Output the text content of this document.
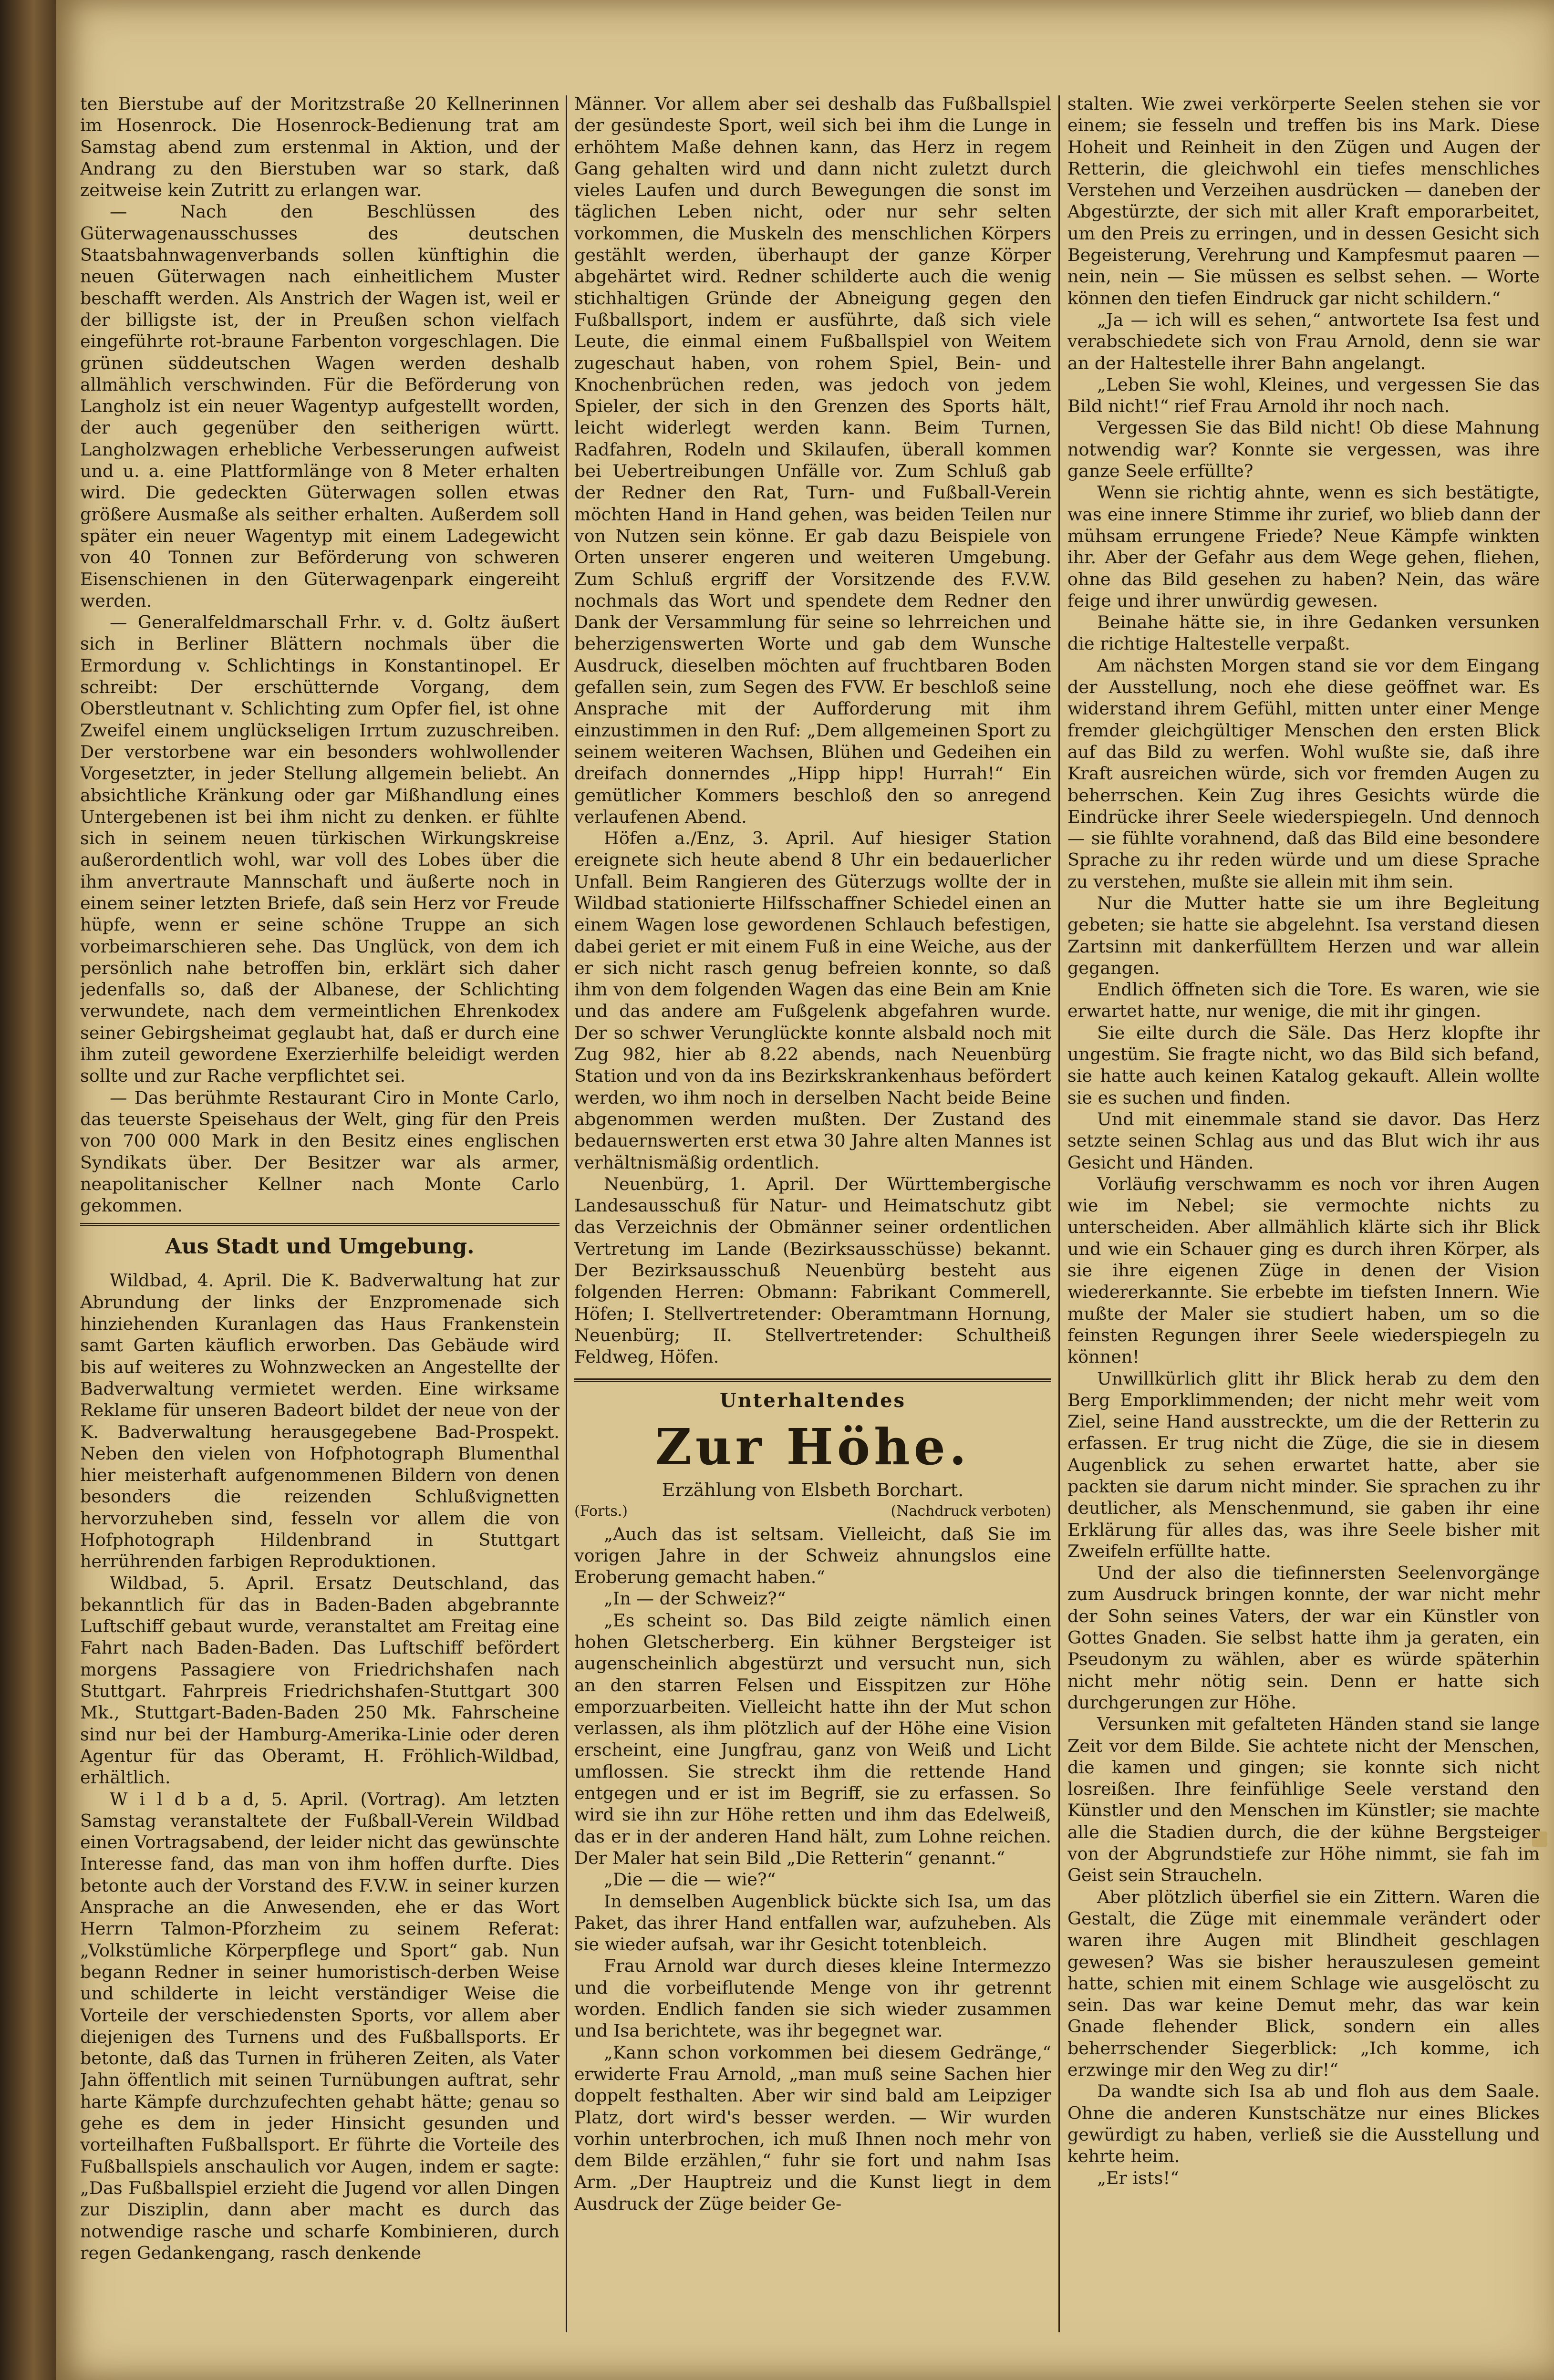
ten Bierstube auf der Moritzstraße 20 Kellnerinnen im Hosenrock. Die Hosenrock-Bedienung trat am Samstag abend zum erstenmal in Aktion, und der Andrang zu den Bierstuben war so stark, daß zeitweise kein Zutritt zu erlangen war.

— Nach den Beschlüssen des Güterwagenausschusses des deutschen Staatsbahnwagenverbands sollen künftighin die neuen Güterwagen nach einheitlichem Muster beschafft werden. Als Anstrich der Wagen ist, weil er der billigste ist, der in Preußen schon vielfach eingeführte rot-braune Farbenton vorgeschlagen. Die grünen süddeutschen Wagen werden deshalb allmählich verschwinden. Für die Beförderung von Langholz ist ein neuer Wagentyp aufgestellt worden, der auch gegenüber den seitherigen württ. Langholzwagen erhebliche Verbesserungen aufweist und u. a. eine Plattformlänge von 8 Meter erhalten wird. Die gedeckten Güterwagen sollen etwas größere Ausmaße als seither erhalten. Außerdem soll später ein neuer Wagentyp mit einem Ladegewicht von 40 Tonnen zur Beförderung von schweren Eisenschienen in den Güterwagenpark eingereiht werden.

— Generalfeldmarschall Frhr. v. d. Goltz äußert sich in Berliner Blättern nochmals über die Ermordung v. Schlichtings in Konstantinopel. Er schreibt: Der erschütternde Vorgang, dem Oberstleutnant v. Schlichting zum Opfer fiel, ist ohne Zweifel einem unglückseligen Irrtum zuzuschreiben. Der verstorbene war ein besonders wohlwollender Vorgesetzter, in jeder Stellung allgemein beliebt. An absichtliche Kränkung oder gar Mißhandlung eines Untergebenen ist bei ihm nicht zu denken. er fühlte sich in seinem neuen türkischen Wirkungskreise außerordentlich wohl, war voll des Lobes über die ihm anvertraute Mannschaft und äußerte noch in einem seiner letzten Briefe, daß sein Herz vor Freude hüpfe, wenn er seine schöne Truppe an sich vorbeimarschieren sehe. Das Unglück, von dem ich persönlich nahe betroffen bin, erklärt sich daher jedenfalls so, daß der Albanese, der Schlichting verwundete, nach dem vermeintlichen Ehrenkodex seiner Gebirgsheimat geglaubt hat, daß er durch eine ihm zuteil gewordene Exerzierhilfe beleidigt werden sollte und zur Rache verpflichtet sei.

— Das berühmte Restaurant Ciro in Monte Carlo, das teuerste Speisehaus der Welt, ging für den Preis von 700 000 Mark in den Besitz eines englischen Syndikats über. Der Besitzer war als armer, neapolitanischer Kellner nach Monte Carlo gekommen.

Aus Stadt und Umgebung.

Wildbad, 4. April. Die K. Badverwaltung hat zur Abrundung der links der Enzpromenade sich hinziehenden Kuranlagen das Haus Frankenstein samt Garten käuflich erworben. Das Gebäude wird bis auf weiteres zu Wohnzwecken an Angestellte der Badverwaltung vermietet werden. Eine wirksame Reklame für unseren Badeort bildet der neue von der K. Badverwaltung herausgegebene Bad-Prospekt. Neben den vielen von Hofphotograph Blumenthal hier meisterhaft aufgenommenen Bildern von denen besonders die reizenden Schlußvignetten hervorzuheben sind, fesseln vor allem die von Hofphotograph Hildenbrand in Stuttgart herrührenden farbigen Reproduktionen.

Wildbad, 5. April. Ersatz Deutschland, das bekanntlich für das in Baden-Baden abgebrannte Luftschiff gebaut wurde, veranstaltet am Freitag eine Fahrt nach Baden-Baden. Das Luftschiff befördert morgens Passagiere von Friedrichshafen nach Stuttgart. Fahrpreis Friedrichshafen-Stuttgart 300 Mk., Stuttgart-Baden-Baden 250 Mk. Fahrscheine sind nur bei der Hamburg-Amerika-Linie oder deren Agentur für das Oberamt, H. Fröhlich-Wildbad, erhältlich.

W i l d b a d, 5. April. (Vortrag). Am letzten Samstag veranstaltete der Fußball-Verein Wildbad einen Vortragsabend, der leider nicht das gewünschte Interesse fand, das man von ihm hoffen durfte. Dies betonte auch der Vorstand des F.V.W. in seiner kurzen Ansprache an die Anwesenden, ehe er das Wort Herrn Talmon-Pforzheim zu seinem Referat: „Volkstümliche Körperpflege und Sport“ gab. Nun begann Redner in seiner humoristisch-derben Weise und schilderte in leicht verständiger Weise die Vorteile der verschiedensten Sports, vor allem aber diejenigen des Turnens und des Fußballsports. Er betonte, daß das Turnen in früheren Zeiten, als Vater Jahn öffentlich mit seinen Turnübungen auftrat, sehr harte Kämpfe durchzufechten gehabt hätte; genau so gehe es dem in jeder Hinsicht gesunden und vorteilhaften Fußballsport. Er führte die Vorteile des Fußballspiels anschaulich vor Augen, indem er sagte: „Das Fußballspiel erzieht die Jugend vor allen Dingen zur Disziplin, dann aber macht es durch das notwendige rasche und scharfe Kombinieren, durch regen Gedankengang, rasch denkende

Männer. Vor allem aber sei deshalb das Fußballspiel der gesündeste Sport, weil sich bei ihm die Lunge in erhöhtem Maße dehnen kann, das Herz in regem Gang gehalten wird und dann nicht zuletzt durch vieles Laufen und durch Bewegungen die sonst im täglichen Leben nicht, oder nur sehr selten vorkommen, die Muskeln des menschlichen Körpers gestählt werden, überhaupt der ganze Körper abgehärtet wird. Redner schilderte auch die wenig stichhaltigen Gründe der Abneigung gegen den Fußballsport, indem er ausführte, daß sich viele Leute, die einmal einem Fußballspiel von Weitem zugeschaut haben, von rohem Spiel, Bein- und Knochenbrüchen reden, was jedoch von jedem Spieler, der sich in den Grenzen des Sports hält, leicht widerlegt werden kann. Beim Turnen, Radfahren, Rodeln und Skilaufen, überall kommen bei Uebertreibungen Unfälle vor. Zum Schluß gab der Redner den Rat, Turn- und Fußball-Verein möchten Hand in Hand gehen, was beiden Teilen nur von Nutzen sein könne. Er gab dazu Beispiele von Orten unserer engeren und weiteren Umgebung. Zum Schluß ergriff der Vorsitzende des F.V.W. nochmals das Wort und spendete dem Redner den Dank der Versammlung für seine so lehrreichen und beherzigenswerten Worte und gab dem Wunsche Ausdruck, dieselben möchten auf fruchtbaren Boden gefallen sein, zum Segen des FVW. Er beschloß seine Ansprache mit der Aufforderung mit ihm einzustimmen in den Ruf: „Dem allgemeinen Sport zu seinem weiteren Wachsen, Blühen und Gedeihen ein dreifach donnerndes „Hipp hipp! Hurrah!“ Ein gemütlicher Kommers beschloß den so anregend verlaufenen Abend.

Höfen a./Enz, 3. April. Auf hiesiger Station ereignete sich heute abend 8 Uhr ein bedauerlicher Unfall. Beim Rangieren des Güterzugs wollte der in Wildbad stationierte Hilfsschaffner Schiedel einen an einem Wagen lose gewordenen Schlauch befestigen, dabei geriet er mit einem Fuß in eine Weiche, aus der er sich nicht rasch genug befreien konnte, so daß ihm von dem folgenden Wagen das eine Bein am Knie und das andere am Fußgelenk abgefahren wurde. Der so schwer Verunglückte konnte alsbald noch mit Zug 982, hier ab 8.22 abends, nach Neuenbürg Station und von da ins Bezirkskrankenhaus befördert werden, wo ihm noch in derselben Nacht beide Beine abgenommen werden mußten. Der Zustand des bedauernswerten erst etwa 30 Jahre alten Mannes ist verhältnismäßig ordentlich.

Neuenbürg, 1. April. Der Württembergische Landesausschuß für Natur- und Heimatschutz gibt das Verzeichnis der Obmänner seiner ordentlichen Vertretung im Lande (Bezirksausschüsse) bekannt. Der Bezirksausschuß Neuenbürg besteht aus folgenden Herren: Obmann: Fabrikant Commerell, Höfen; I. Stellvertretender: Oberamtmann Hornung, Neuenbürg; II. Stellvertretender: Schultheiß Feldweg, Höfen.

Unterhaltendes
Zur Höhe.
Erzählung von Elsbeth Borchart.
(Forts.)	(Nachdruck verboten)

„Auch das ist seltsam. Vielleicht, daß Sie im vorigen Jahre in der Schweiz ahnungslos eine Eroberung gemacht haben.“

„In — der Schweiz?“

„Es scheint so. Das Bild zeigte nämlich einen hohen Gletscherberg. Ein kühner Bergsteiger ist augenscheinlich abgestürzt und versucht nun, sich an den starren Felsen und Eisspitzen zur Höhe emporzuarbeiten. Vielleicht hatte ihn der Mut schon verlassen, als ihm plötzlich auf der Höhe eine Vision erscheint, eine Jungfrau, ganz von Weiß und Licht umflossen. Sie streckt ihm die rettende Hand entgegen und er ist im Begriff, sie zu erfassen. So wird sie ihn zur Höhe retten und ihm das Edelweiß, das er in der anderen Hand hält, zum Lohne reichen. Der Maler hat sein Bild „Die Retterin“ genannt.“

„Die — die — wie?“

In demselben Augenblick bückte sich Isa, um das Paket, das ihrer Hand entfallen war, aufzuheben. Als sie wieder aufsah, war ihr Gesicht totenbleich.

Frau Arnold war durch dieses kleine Intermezzo und die vorbeiflutende Menge von ihr getrennt worden. Endlich fanden sie sich wieder zusammen und Isa berichtete, was ihr begegnet war.

„Kann schon vorkommen bei diesem Gedränge,“ erwiderte Frau Arnold, „man muß seine Sachen hier doppelt festhalten. Aber wir sind bald am Leipziger Platz, dort wird's besser werden. — Wir wurden vorhin unterbrochen, ich muß Ihnen noch mehr von dem Bilde erzählen,“ fuhr sie fort und nahm Isas Arm. „Der Hauptreiz und die Kunst liegt in dem Ausdruck der Züge beider Ge-

stalten. Wie zwei verkörperte Seelen stehen sie vor einem; sie fesseln und treffen bis ins Mark. Diese Hoheit und Reinheit in den Zügen und Augen der Retterin, die gleichwohl ein tiefes menschliches Verstehen und Verzeihen ausdrücken — daneben der Abgestürzte, der sich mit aller Kraft emporarbeitet, um den Preis zu erringen, und in dessen Gesicht sich Begeisterung, Verehrung und Kampfesmut paaren — nein, nein — Sie müssen es selbst sehen. — Worte können den tiefen Eindruck gar nicht schildern.“

„Ja — ich will es sehen,“ antwortete Isa fest und verabschiedete sich von Frau Arnold, denn sie war an der Haltestelle ihrer Bahn angelangt.

„Leben Sie wohl, Kleines, und vergessen Sie das Bild nicht!“ rief Frau Arnold ihr noch nach.

Vergessen Sie das Bild nicht! Ob diese Mahnung notwendig war? Konnte sie vergessen, was ihre ganze Seele erfüllte?

Wenn sie richtig ahnte, wenn es sich bestätigte, was eine innere Stimme ihr zurief, wo blieb dann der mühsam errungene Friede? Neue Kämpfe winkten ihr. Aber der Gefahr aus dem Wege gehen, fliehen, ohne das Bild gesehen zu haben? Nein, das wäre feige und ihrer unwürdig gewesen.

Beinahe hätte sie, in ihre Gedanken versunken die richtige Haltestelle verpaßt.

Am nächsten Morgen stand sie vor dem Eingang der Ausstellung, noch ehe diese geöffnet war. Es widerstand ihrem Gefühl, mitten unter einer Menge fremder gleichgültiger Menschen den ersten Blick auf das Bild zu werfen. Wohl wußte sie, daß ihre Kraft ausreichen würde, sich vor fremden Augen zu beherrschen. Kein Zug ihres Gesichts würde die Eindrücke ihrer Seele wiederspiegeln. Und dennoch — sie fühlte vorahnend, daß das Bild eine besondere Sprache zu ihr reden würde und um diese Sprache zu verstehen, mußte sie allein mit ihm sein.

Nur die Mutter hatte sie um ihre Begleitung gebeten; sie hatte sie abgelehnt. Isa verstand diesen Zartsinn mit dankerfülltem Herzen und war allein gegangen.

Endlich öffneten sich die Tore. Es waren, wie sie erwartet hatte, nur wenige, die mit ihr gingen.

Sie eilte durch die Säle. Das Herz klopfte ihr ungestüm. Sie fragte nicht, wo das Bild sich befand, sie hatte auch keinen Katalog gekauft. Allein wollte sie es suchen und finden.

Und mit einemmale stand sie davor. Das Herz setzte seinen Schlag aus und das Blut wich ihr aus Gesicht und Händen.

Vorläufig verschwamm es noch vor ihren Augen wie im Nebel; sie vermochte nichts zu unterscheiden. Aber allmählich klärte sich ihr Blick und wie ein Schauer ging es durch ihren Körper, als sie ihre eigenen Züge in denen der Vision wiedererkannte. Sie erbebte im tiefsten Innern. Wie mußte der Maler sie studiert haben, um so die feinsten Regungen ihrer Seele wiederspiegeln zu können!

Unwillkürlich glitt ihr Blick herab zu dem den Berg Emporklimmenden; der nicht mehr weit vom Ziel, seine Hand ausstreckte, um die der Retterin zu erfassen. Er trug nicht die Züge, die sie in diesem Augenblick zu sehen erwartet hatte, aber sie packten sie darum nicht minder. Sie sprachen zu ihr deutlicher, als Menschenmund, sie gaben ihr eine Erklärung für alles das, was ihre Seele bisher mit Zweifeln erfüllte hatte.

Und der also die tiefinnersten Seelenvorgänge zum Ausdruck bringen konnte, der war nicht mehr der Sohn seines Vaters, der war ein Künstler von Gottes Gnaden. Sie selbst hatte ihm ja geraten, ein Pseudonym zu wählen, aber es würde späterhin nicht mehr nötig sein. Denn er hatte sich durchgerungen zur Höhe.

Versunken mit gefalteten Händen stand sie lange Zeit vor dem Bilde. Sie achtete nicht der Menschen, die kamen und gingen; sie konnte sich nicht losreißen. Ihre feinfühlige Seele verstand den Künstler und den Menschen im Künstler; sie machte alle die Stadien durch, die der kühne Bergsteiger von der Abgrundstiefe zur Höhe nimmt, sie fah im Geist sein Straucheln.

Aber plötzlich überfiel sie ein Zittern. Waren die Gestalt, die Züge mit einemmale verändert oder waren ihre Augen mit Blindheit geschlagen gewesen? Was sie bisher herauszulesen gemeint hatte, schien mit einem Schlage wie ausgelöscht zu sein. Das war keine Demut mehr, das war kein Gnade flehender Blick, sondern ein alles beherrschender Siegerblick: „Ich komme, ich erzwinge mir den Weg zu dir!“

Da wandte sich Isa ab und floh aus dem Saale. Ohne die anderen Kunstschätze nur eines Blickes gewürdigt zu haben, verließ sie die Ausstellung und kehrte heim.

„Er ists!“
